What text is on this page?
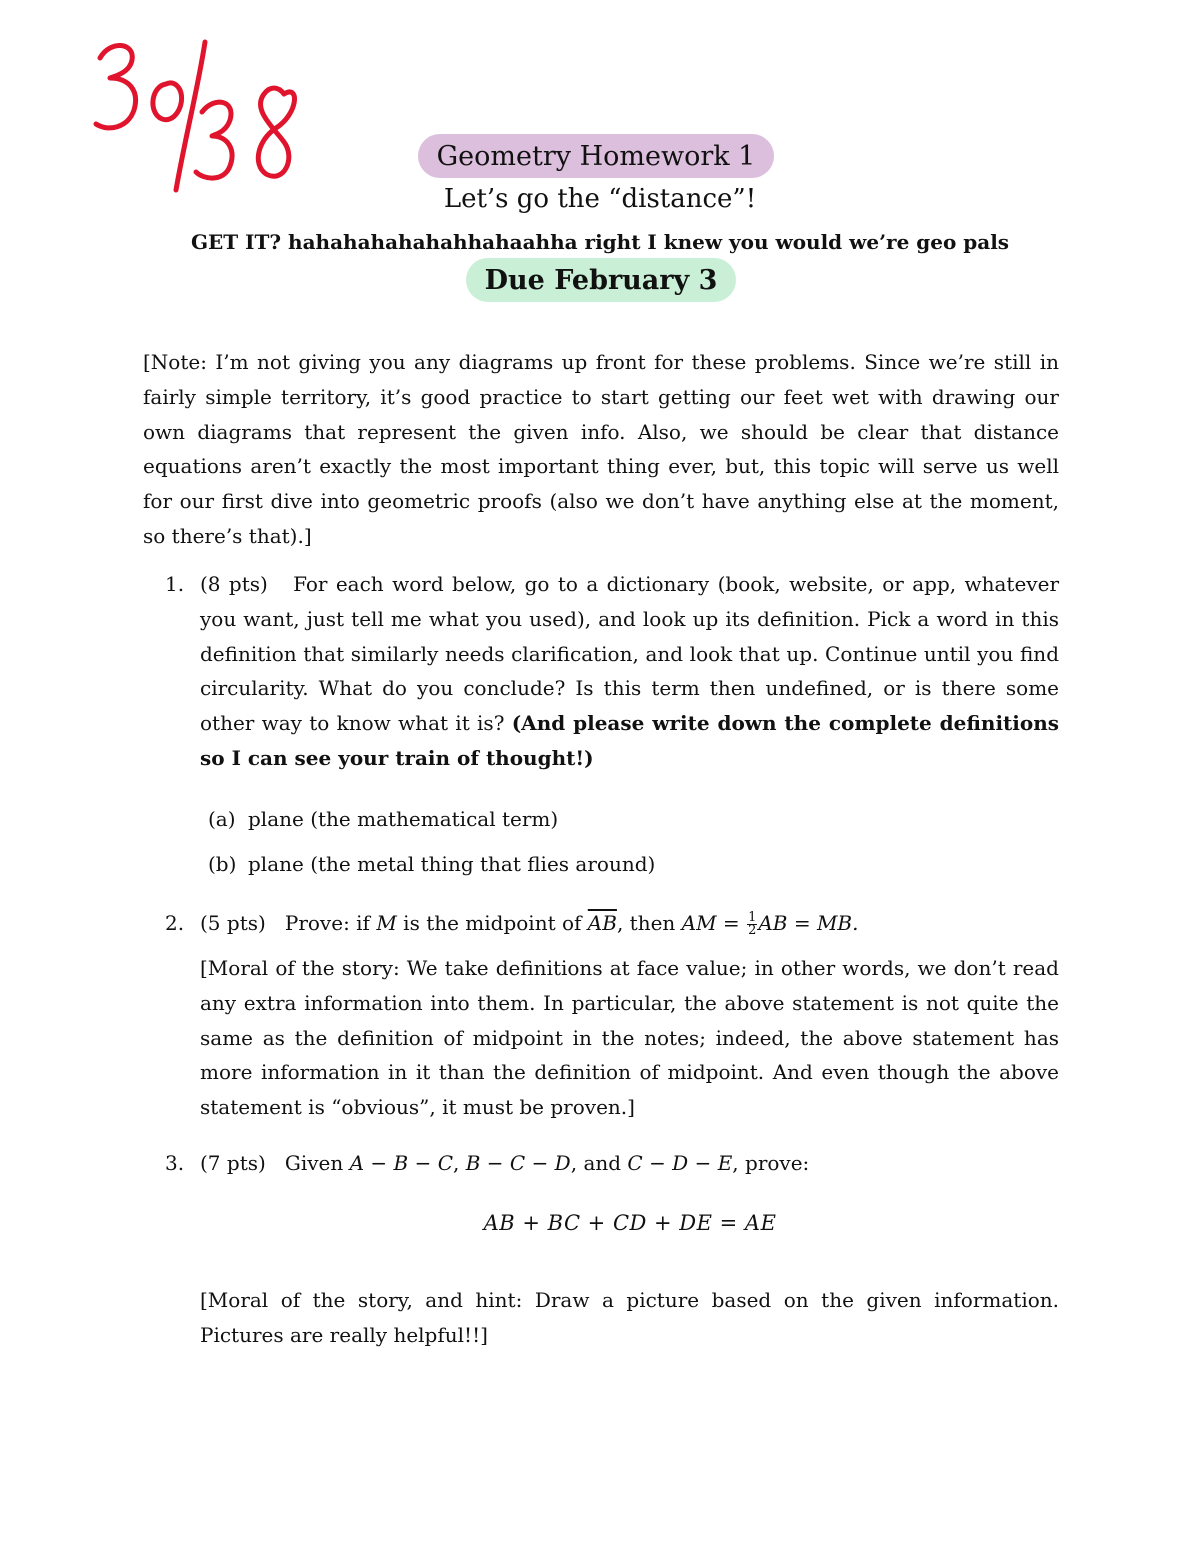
Geometry Homework 1
Let’s go the “distance”!
GET IT? hahahahahahahhahaahha right I knew you would we’re geo pals
Due February 3
[Note: I’m not giving you any diagrams up front for these problems. Since we’re still in fairly simple territory, it’s good practice to start getting our feet wet with drawing our own diagrams that represent the given info. Also, we should be clear that distance equations aren’t exactly the most important thing ever, but, this topic will serve us well for our first dive into geometric proofs (also we don’t have anything else at the moment, so there’s that).]
1. (8 pts) For each word below, go to a dictionary (book, website, or app, whatever you want, just tell me what you used), and look up its definition. Pick a word in this definition that similarly needs clarification, and look that up. Continue until you find circularity. What do you conclude? Is this term then undefined, or is there some other way to know what it is? (And please write down the complete definitions so I can see your train of thought!)
(a) plane (the mathematical term)
(b) plane (the metal thing that flies around)
2. (5 pts) Prove: if M is the midpoint of $\overline{AB}$, then AM = $\frac{1}{2}$ AB = MB.
[Moral of the story: We take definitions at face value; in other words, we don’t read any extra information into them. In particular, the above statement is not quite the same as the definition of midpoint in the notes; indeed, the above statement has more information in it than the definition of midpoint. And even though the above statement is “obvious”, it must be proven.]
3. (7 pts) Given A − B − C, B − C − D, and C − D − E, prove:
AB + BC + CD + DE = AE
[Moral of the story, and hint: Draw a picture based on the given information. Pictures are really helpful!!]
